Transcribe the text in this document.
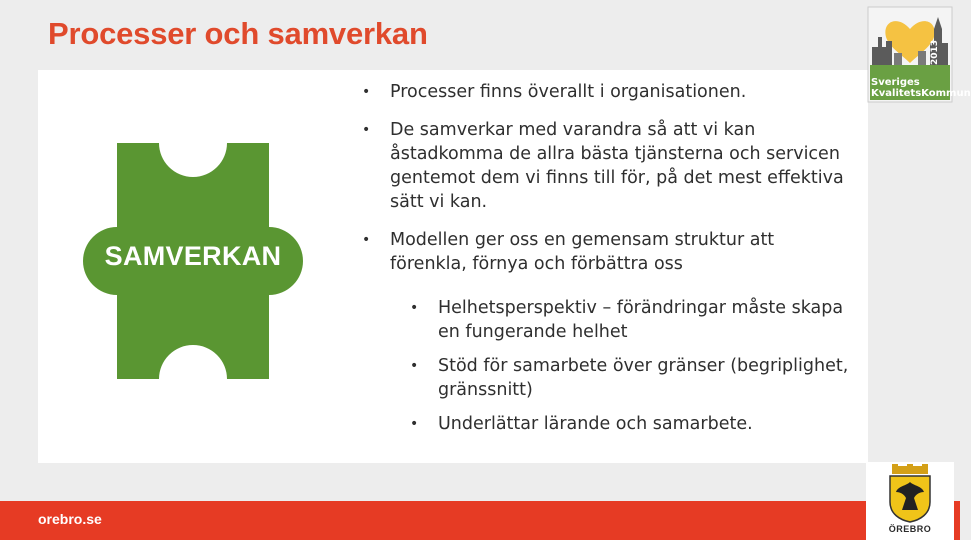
Processer och samverkan
SAMVERKAN
• Processer finns överallt i organisationen.
• De samverkar med varandra så att vi kan åstadkomma de allra bästa tjänsterna och servicen gentemot dem vi finns till för, på det mest effektiva sätt vi kan.
• Modellen ger oss en gemensam struktur att förenkla, förnya och förbättra oss
• Helhetsperspektiv – förändringar måste skapa en fungerande helhet
• Stöd för samarbete över gränser (begriplighet, gränssnitt)
• Underlättar lärande och samarbete.
Sveriges
KvalitetsKommun
2013
orebro.se
ÖREBRO
